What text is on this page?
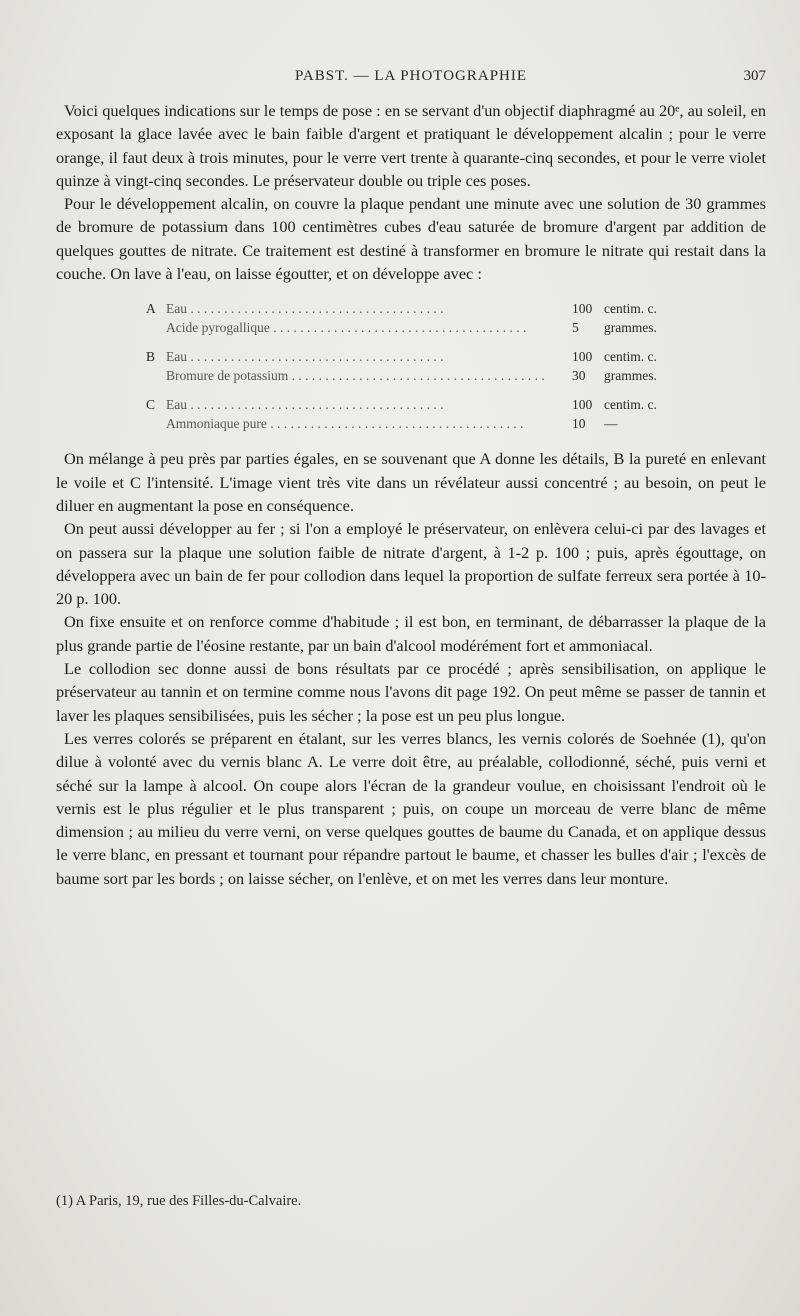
PABST. — LA PHOTOGRAPHIE	307

Voici quelques indications sur le temps de pose : en se servant d'un objectif diaphragmé au 20ᵉ, au soleil, en exposant la glace lavée avec le bain faible d'argent et pratiquant le développement alcalin ; pour le verre orange, il faut deux à trois minutes, pour le verre vert trente à quarante-cinq secondes, et pour le verre violet quinze à vingt-cinq secondes. Le préservateur double ou triple ces poses.

Pour le développement alcalin, on couvre la plaque pendant une minute avec une solution de 30 grammes de bromure de potassium dans 100 centimètres cubes d'eau saturée de bromure d'argent par addition de quelques gouttes de nitrate. Ce traitement est destiné à transformer en bromure le nitrate qui restait dans la couche. On lave à l'eau, on laisse égoutter, et on développe avec :

A Eau . . . . . . . . . . . . . . . . . . . . . . . . . . . . . . . . . . . . . .	100 centim. c.
Acide pyrogallique . . . . . . . . . . . . . . . . . . . . . . . . . . . . . . . . . . . . . .	5	grammes.
B Eau . . . . . . . . . . . . . . . . . . . . . . . . . . . . . . . . . . . . . .	100 centim. c.
Bromure de potassium . . . . . . . . . . . . . . . . . . . . . . . . . . . . . . . . . . . . . .	30	grammes.
C Eau . . . . . . . . . . . . . . . . . . . . . . . . . . . . . . . . . . . . . .	100 centim. c.
Ammoniaque pure . . . . . . . . . . . . . . . . . . . . . . . . . . . . . . . . . . . . . .	10	—

On mélange à peu près par parties égales, en se souvenant que A donne les détails, B la pureté en enlevant le voile et C l'intensité. L'image vient très vite dans un révélateur aussi concentré ; au besoin, on peut le diluer en augmentant la pose en conséquence.

On peut aussi développer au fer ; si l'on a employé le préservateur, on enlèvera celui-ci par des lavages et on passera sur la plaque une solution faible de nitrate d'argent, à 1-2 p. 100 ; puis, après égouttage, on développera avec un bain de fer pour collodion dans lequel la proportion de sulfate ferreux sera portée à 10-20 p. 100.

On fixe ensuite et on renforce comme d'habitude ; il est bon, en terminant, de débarrasser la plaque de la plus grande partie de l'éosine restante, par un bain d'alcool modérément fort et ammoniacal.

Le collodion sec donne aussi de bons résultats par ce procédé ; après sensibilisation, on applique le préservateur au tannin et on termine comme nous l'avons dit page 192. On peut même se passer de tannin et laver les plaques sensibilisées, puis les sécher ; la pose est un peu plus longue.

Les verres colorés se préparent en étalant, sur les verres blancs, les vernis colorés de Soehnée (1), qu'on dilue à volonté avec du vernis blanc A. Le verre doit être, au préalable, collodionné, séché, puis verni et séché sur la lampe à alcool. On coupe alors l'écran de la grandeur voulue, en choisissant l'endroit où le vernis est le plus régulier et le plus transparent ; puis, on coupe un morceau de verre blanc de même dimension ; au milieu du verre verni, on verse quelques gouttes de baume du Canada, et on applique dessus le verre blanc, en pressant et tournant pour répandre partout le baume, et chasser les bulles d'air ; l'excès de baume sort par les bords ; on laisse sécher, on l'enlève, et on met les verres dans leur monture.

(1) A Paris, 19, rue des Filles-du-Calvaire.
